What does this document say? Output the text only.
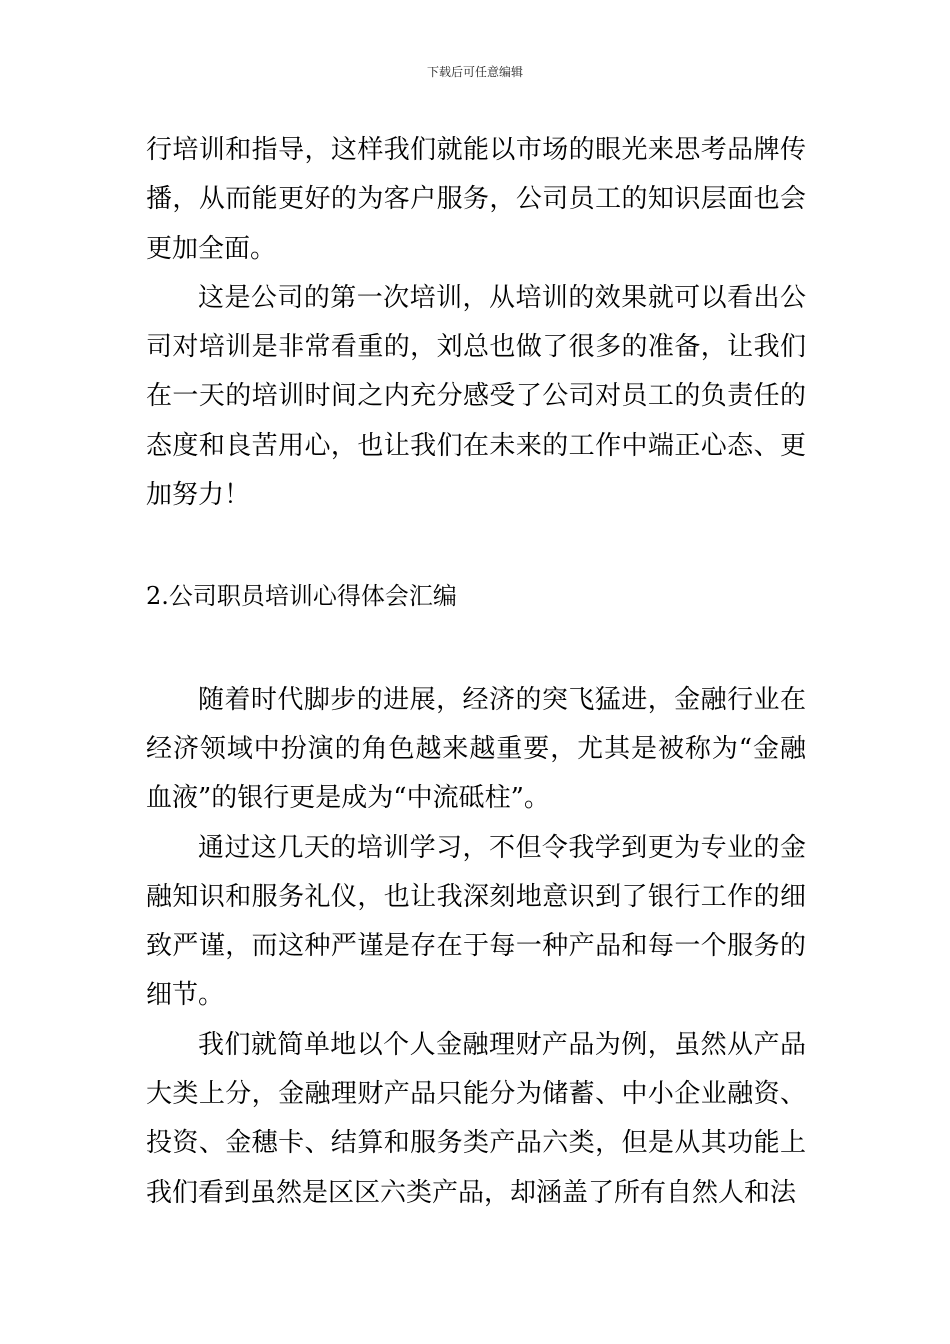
下载后可任意编辑

行培训和指导，这样我们就能以市场的眼光来思考品牌传播，从而能更好的为客户服务，公司员工的知识层面也会更加全面。

这是公司的第一次培训，从培训的效果就可以看出公司对培训是非常看重的，刘总也做了很多的准备，让我们在一天的培训时间之内充分感受了公司对员工的负责任的态度和良苦用心，也让我们在未来的工作中端正心态、更加努力！

2.公司职员培训心得体会汇编

随着时代脚步的进展，经济的突飞猛进，金融行业在经济领域中扮演的角色越来越重要，尤其是被称为“金融血液”的银行更是成为“中流砥柱”。

通过这几天的培训学习，不但令我学到更为专业的金融知识和服务礼仪，也让我深刻地意识到了银行工作的细致严谨，而这种严谨是存在于每一种产品和每一个服务的细节。

我们就简单地以个人金融理财产品为例，虽然从产品大类上分，金融理财产品只能分为储蓄、中小企业融资、投资、金穗卡、结算和服务类产品六类，但是从其功能上我们看到虽然是区区六类产品，却涵盖了所有自然人和法
